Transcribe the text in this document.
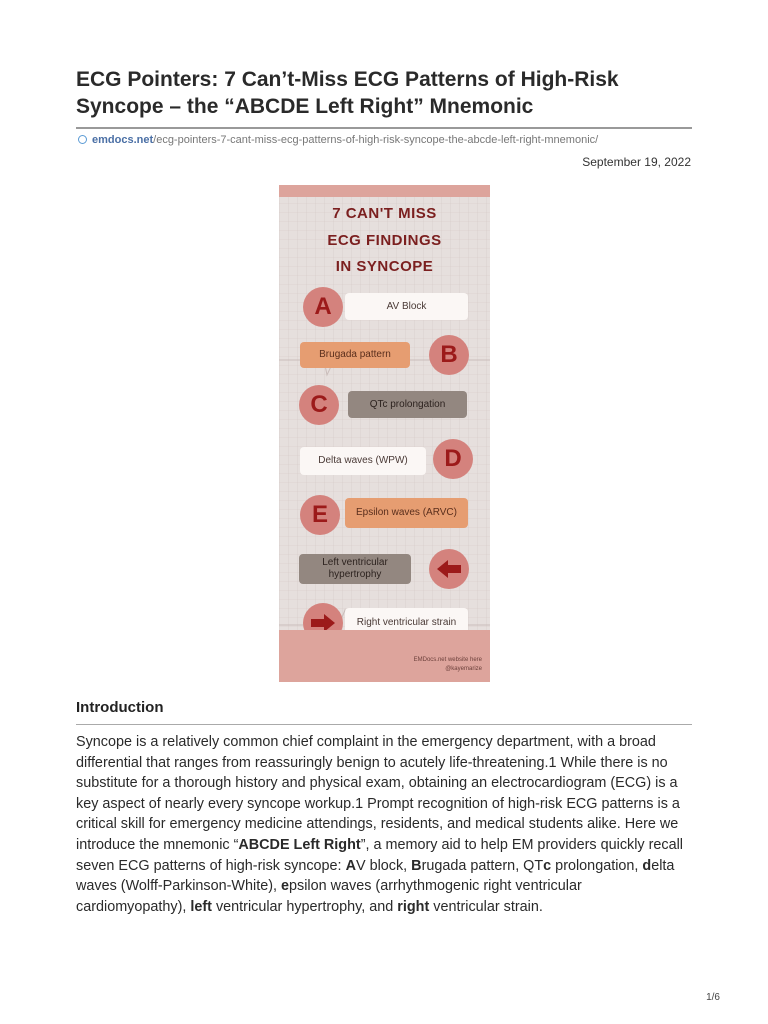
ECG Pointers: 7 Can’t-Miss ECG Patterns of High-Risk Syncope – the “ABCDE Left Right” Mnemonic
emdocs.net/ecg-pointers-7-cant-miss-ecg-patterns-of-high-risk-syncope-the-abcde-left-right-mnemonic/
September 19, 2022
7 CAN'T MISS
ECG FINDINGS
IN SYNCOPE
A	AV Block
B
Brugada pattern
C	QTc prolongation
D
Delta waves (WPW)
E	Epsilon waves (ARVC)
Left ventricular hypertrophy
Right ventricular strain
EMDocs.net website here
@kayemarize
Introduction

Syncope is a relatively common chief complaint in the emergency department, with a broad differential that ranges from reassuringly benign to acutely life-threatening.1 While there is no substitute for a thorough history and physical exam, obtaining an electrocardiogram (ECG) is a key aspect of nearly every syncope workup.1 Prompt recognition of high-risk ECG patterns is a critical skill for emergency medicine attendings, residents, and medical students alike. Here we introduce the mnemonic “ABCDE Left Right”, a memory aid to help EM providers quickly recall seven ECG patterns of high-risk syncope: AV block, Brugada pattern, QTc prolongation, delta waves (Wolff-Parkinson-White), epsilon waves (arrhythmogenic right ventricular cardiomyopathy), left ventricular hypertrophy, and right ventricular strain.

1/6
